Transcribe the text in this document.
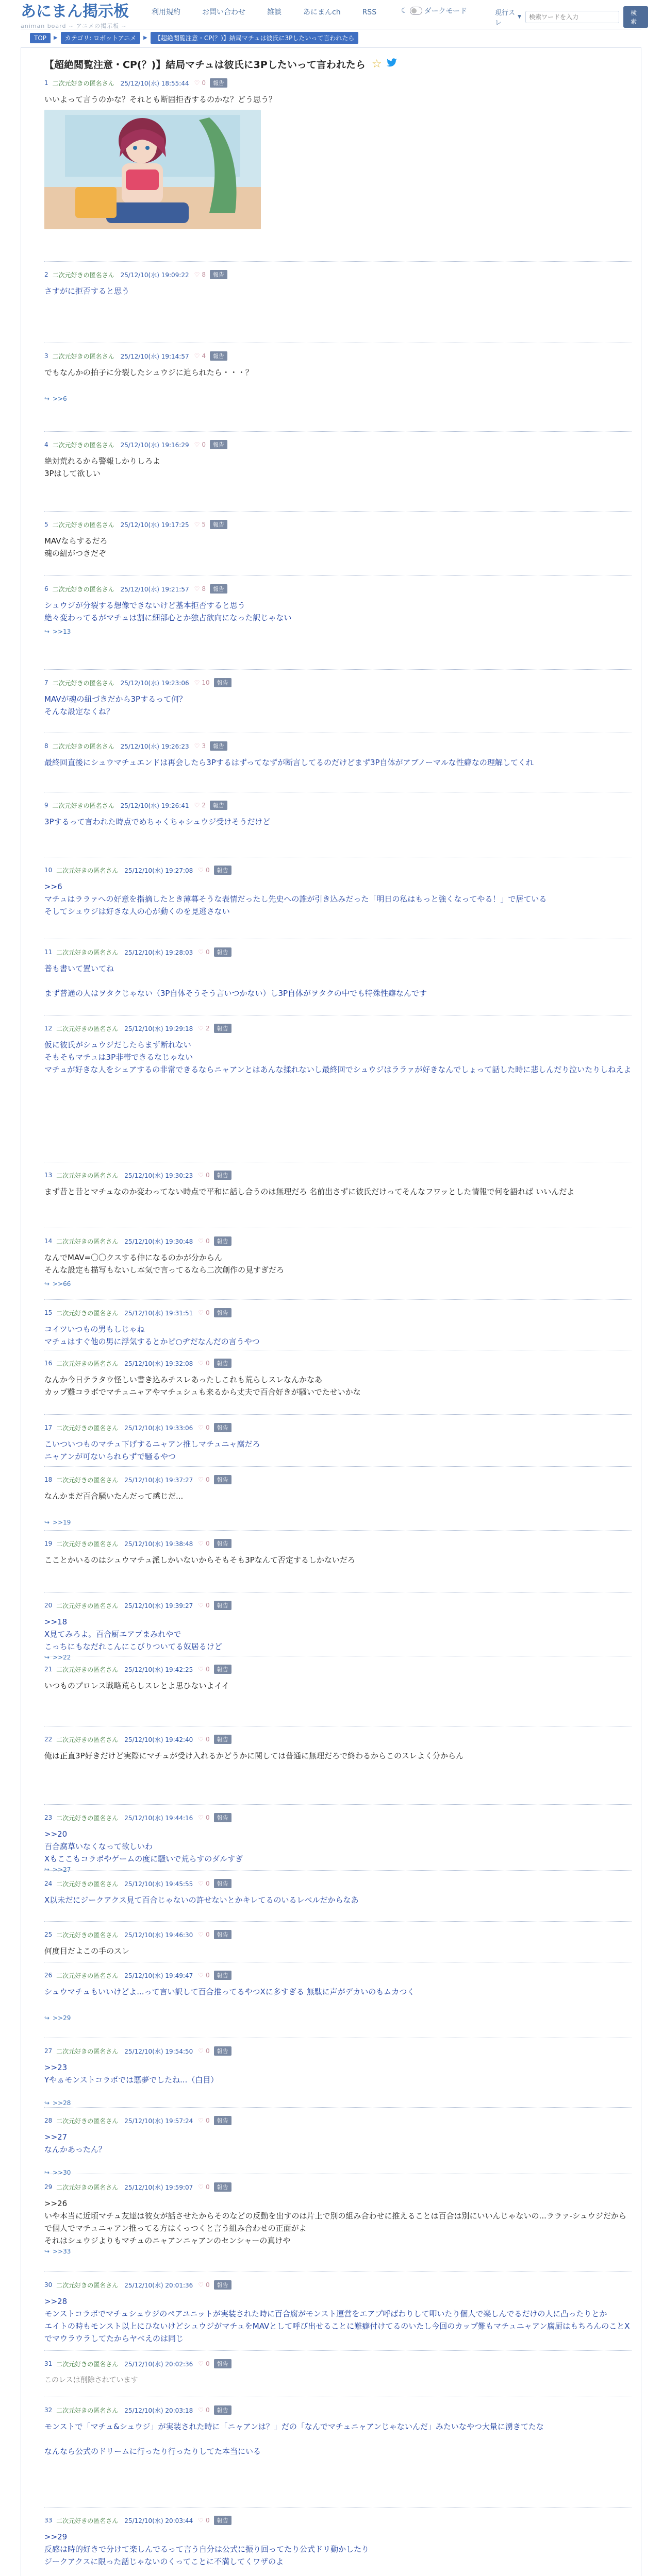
あにまん掲示板
animan board ~ アニメの掲示板 ~
利用規約	お問い合わせ	雑談	あにまんch	RSS	☾ ダークモード	現行スレ
▼
検索ワードを入力
検索
TOP	▶	カテゴリ: ロボットアニメ	▶	【超絶閲覧注意・CP(？)】結局マチュは彼氏に3Pしたいって言われたら
【超絶閲覧注意・CP(？)】結局マチュは彼氏に3Pしたいって言われたら ☆
1 二次元好きの匿名さん 25/12/10(水) 18:55:44 ♡ 0	報告
いいよって言うのかな？それとも断固拒否するのかな？どう思う？
2 二次元好きの匿名さん 25/12/10(水) 19:09:22 ♡ 8	報告
さすがに拒否すると思う
3 二次元好きの匿名さん 25/12/10(水) 19:14:57 ♡ 4	報告
でもなんかの拍子に分裂したシュウジに迫られたら・・・？
↪ >>6
4 二次元好きの匿名さん 25/12/10(水) 19:16:29 ♡ 0	報告
絶対荒れるから警報しかりしろよ
3Pはして欲しい
5 二次元好きの匿名さん 25/12/10(水) 19:17:25 ♡ 5	報告
MAVならするだろ
魂の紐がつきだぞ
6 二次元好きの匿名さん 25/12/10(水) 19:21:57 ♡ 8	報告
シュウジが分裂する想像できないけど基本拒否すると思う
絶々変わってるがマチュは割に細部心とか独占欲向になった訳じゃない
↪ >>13
7 二次元好きの匿名さん 25/12/10(水) 19:23:06 ♡ 10	報告
MAVが魂の紐づきだから3Pするって何？
そんな設定なくね？
8 二次元好きの匿名さん 25/12/10(水) 19:26:23 ♡ 3	報告
最終回直後にシュウマチュエンドは再会したら3Pするはずってなずが断言してるのだけどまず3P自体がアブノーマルな性癖なの理解してくれ
9 二次元好きの匿名さん 25/12/10(水) 19:26:41 ♡ 2	報告
3Pするって言われた時点でめちゃくちゃシュウジ受けそうだけど
10 二次元好きの匿名さん 25/12/10(水) 19:27:08 ♡ 0	報告
>>6
マチュはララァへの好意を指摘したとき薄暮そうな表情だったし先史への誰が引き込みだった「明日の私はもっと強くなってやる！」で居ている
そしてシュウジは好きな人の心が動くのを見逃さない
11 二次元好きの匿名さん 25/12/10(水) 19:28:03 ♡ 0	報告
普も書いて置いてね

まず普通の人はヲタクじゃない（3P自体そうそう言いつかない）し3P自体がヲタクの中でも特殊性癖なんです
12 二次元好きの匿名さん 25/12/10(水) 19:29:18 ♡ 2	報告
仮に彼氏がシュウジだしたらまず断れない
そもそもマチュは3P非帯できるなじゃない
マチュが好きな人をシェアするの非常できるならニャアンとはあんな揉れないし最終回でシュウジはララァが好きなんでしょって話した時に悲しんだり泣いたりしねえよ
13 二次元好きの匿名さん 25/12/10(水) 19:30:23 ♡ 0	報告
まず昔と昔とマチュなのか変わってない時点で平和に話し合うのは無理だろ 名前出さずに彼氏だけってそんなフワッとした情報で何を語れば いいんだよ
14 二次元好きの匿名さん 25/12/10(水) 19:30:48 ♡ 0	報告
なんでMAV=〇〇クスする仲になるのかが分からん
そんな設定も描写もないし本気で言ってるなら二次創作の見すぎだろ
↪ >>66
15 二次元好きの匿名さん 25/12/10(水) 19:31:51 ♡ 0	報告
コイツいつもの男もしじゃね
マチュはすぐ他の男に浮気するとかピ○ヂだなんだの言うやつ
16 二次元好きの匿名さん 25/12/10(水) 19:32:08 ♡ 0	報告
なんか今日テラタウ怪しい書き込みチスレあったしこれも荒らしスレなんかなあ
カップ難コラボでマチュニャアやマチュシュも来るから丈夫で百合好きが騒いでたせいかな
17 二次元好きの匿名さん 25/12/10(水) 19:33:06 ♡ 0	報告
こいついつものマチュ下げするニャアン推しマチュニャ腐だろ
ニャアンが可ないられらずで騒るやつ
18 二次元好きの匿名さん 25/12/10(水) 19:37:27 ♡ 0	報告
なんかまだ百合騒いたんだって感じだ...
↪ >>19
19 二次元好きの匿名さん 25/12/10(水) 19:38:48 ♡ 0	報告
こことかいるのはシュウマチュ派しかいないからそもそも3Pなんて否定するしかないだろ
20 二次元好きの匿名さん 25/12/10(水) 19:39:27 ♡ 0	報告
>>18
X見てみろよ。百合厨エアプまみれやで
こっちにもなだれこんにこびりついてる奴居るけど
↪ >>22
21 二次元好きの匿名さん 25/12/10(水) 19:42:25 ♡ 0	報告
いつものプロレス戦略荒らしスレとよ思ひないよイイ
22 二次元好きの匿名さん 25/12/10(水) 19:42:40 ♡ 0	報告
俺は正直3P好きだけど実際にマチュが受け入れるかどうかに関しては普通に無理だろで終わるからこのスレよく分からん
23 二次元好きの匿名さん 25/12/10(水) 19:44:16 ♡ 0	報告
>>20
百合腐草いなくなって欲しいわ
Xもここもコラボやゲームの度に騒いで荒らすのダルすぎ
↪ >>27
24 二次元好きの匿名さん 25/12/10(水) 19:45:55 ♡ 0	報告
X以未だにジークアクス見て百合じゃないの許せないとかキレてるのいるレベルだからなあ
25 二次元好きの匿名さん 25/12/10(水) 19:46:30 ♡ 0	報告
何度目だよこの手のスレ
26 二次元好きの匿名さん 25/12/10(水) 19:49:47 ♡ 0	報告
シュウマチュもいいけどよ...って言い訳して百合推ってるやつXに多すぎる 無駄に声がデカいのもムカつく
↪ >>29
27 二次元好きの匿名さん 25/12/10(水) 19:54:50 ♡ 0	報告
>>23
Yやぁモンストコラボでは悪夢でしたね...（白目）
↪ >>28
28 二次元好きの匿名さん 25/12/10(水) 19:57:24 ♡ 0	報告
>>27
なんかあったん？
↪ >>30
29 二次元好きの匿名さん 25/12/10(水) 19:59:07 ♡ 0	報告
>>26
いや本当に近頃マチュ友達は彼女が話させたからそのなどの反動を出すのは片上で別の組み合わせに推えることは百合は別にいいんじゃないの...ララァ-シュウジだからで個人でマチュニャアン推ってる方はくっつくと言う組み合わせの正面がよ
それはシュウジよりもマチュのニャアンニャアンのセンシャーの真けや
↪ >>33
30 二次元好きの匿名さん 25/12/10(水) 20:01:36 ♡ 0	報告
>>28
モンストコラボでマチュシュウジのペアユニットが実装された時に百合腐がモンスト運営をエアプ呼ばわりして叩いたり個人で楽しんでるだけの人に凸ったりとか
エイトの時もモンスト以上にひないけどシュウジがマチュをMAVとして呼び出せることに難癖付けてるのいたし今回のカップ難もマチュニャアン腐厨はもちろんのことXでマウラウラしてたからヤベえのは同じ
31 二次元好きの匿名さん 25/12/10(水) 20:02:36 ♡ 0	報告
このレスは削除されています
32 二次元好きの匿名さん 25/12/10(水) 20:03:18 ♡ 0	報告
モンストで「マチュ&シュウジ」が実装された時に「ニャアンは？」だの「なんでマチュニャアンじゃないんだ」みたいなやつ大量に湧きてたな

なんなら公式のドリームに行ったり行ったりしてた本当にいる
33 二次元好きの匿名さん 25/12/10(水) 20:03:44 ♡ 0	報告
>>29
反感は時的好きで分けて楽しんでるって言う自分は公式に振り回ってたり公式ドリ動かしたり
ジークアクスに限った話じゃないのくってことに不満してくワザのよ
